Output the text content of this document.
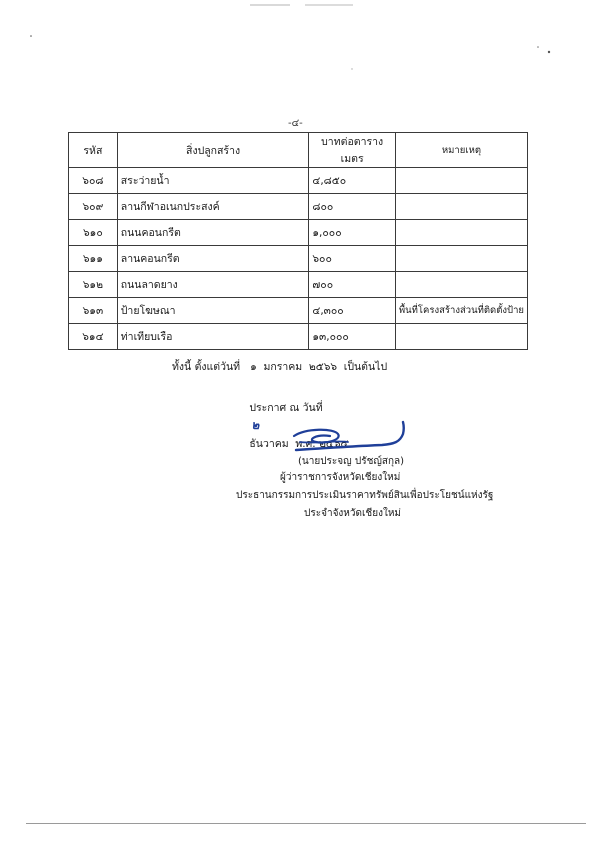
-๔-
รหัส	สิ่งปลูกสร้าง	บาทต่อตารางเมตร	หมายเหตุ
๖๐๘	สระว่ายน้ำ	๔,๘๕๐	
๖๐๙	ลานกีฬาอเนกประสงค์	๘๐๐	
๖๑๐	ถนนคอนกรีต	๑,๐๐๐	
๖๑๑	ลานคอนกรีต	๖๐๐	
๖๑๒	ถนนลาดยาง	๗๐๐	
๖๑๓	ป้ายโฆษณา	๔,๓๐๐	พื้นที่โครงสร้างส่วนที่ติดตั้งป้าย
๖๑๔	ท่าเทียบเรือ	๑๓,๐๐๐	
ทั้งนี้ ตั้งแต่วันที่   ๑  มกราคม  ๒๕๖๖  เป็นต้นไป

ประกาศ ณ วันที่
๒
ธันวาคม  พ.ศ. ๒๕๖๕

(นายประจญ ปรัชญ์สกุล)
ผู้ว่าราชการจังหวัดเชียงใหม่
ประธานกรรมการประเมินราคาทรัพย์สินเพื่อประโยชน์แห่งรัฐ
ประจำจังหวัดเชียงใหม่
